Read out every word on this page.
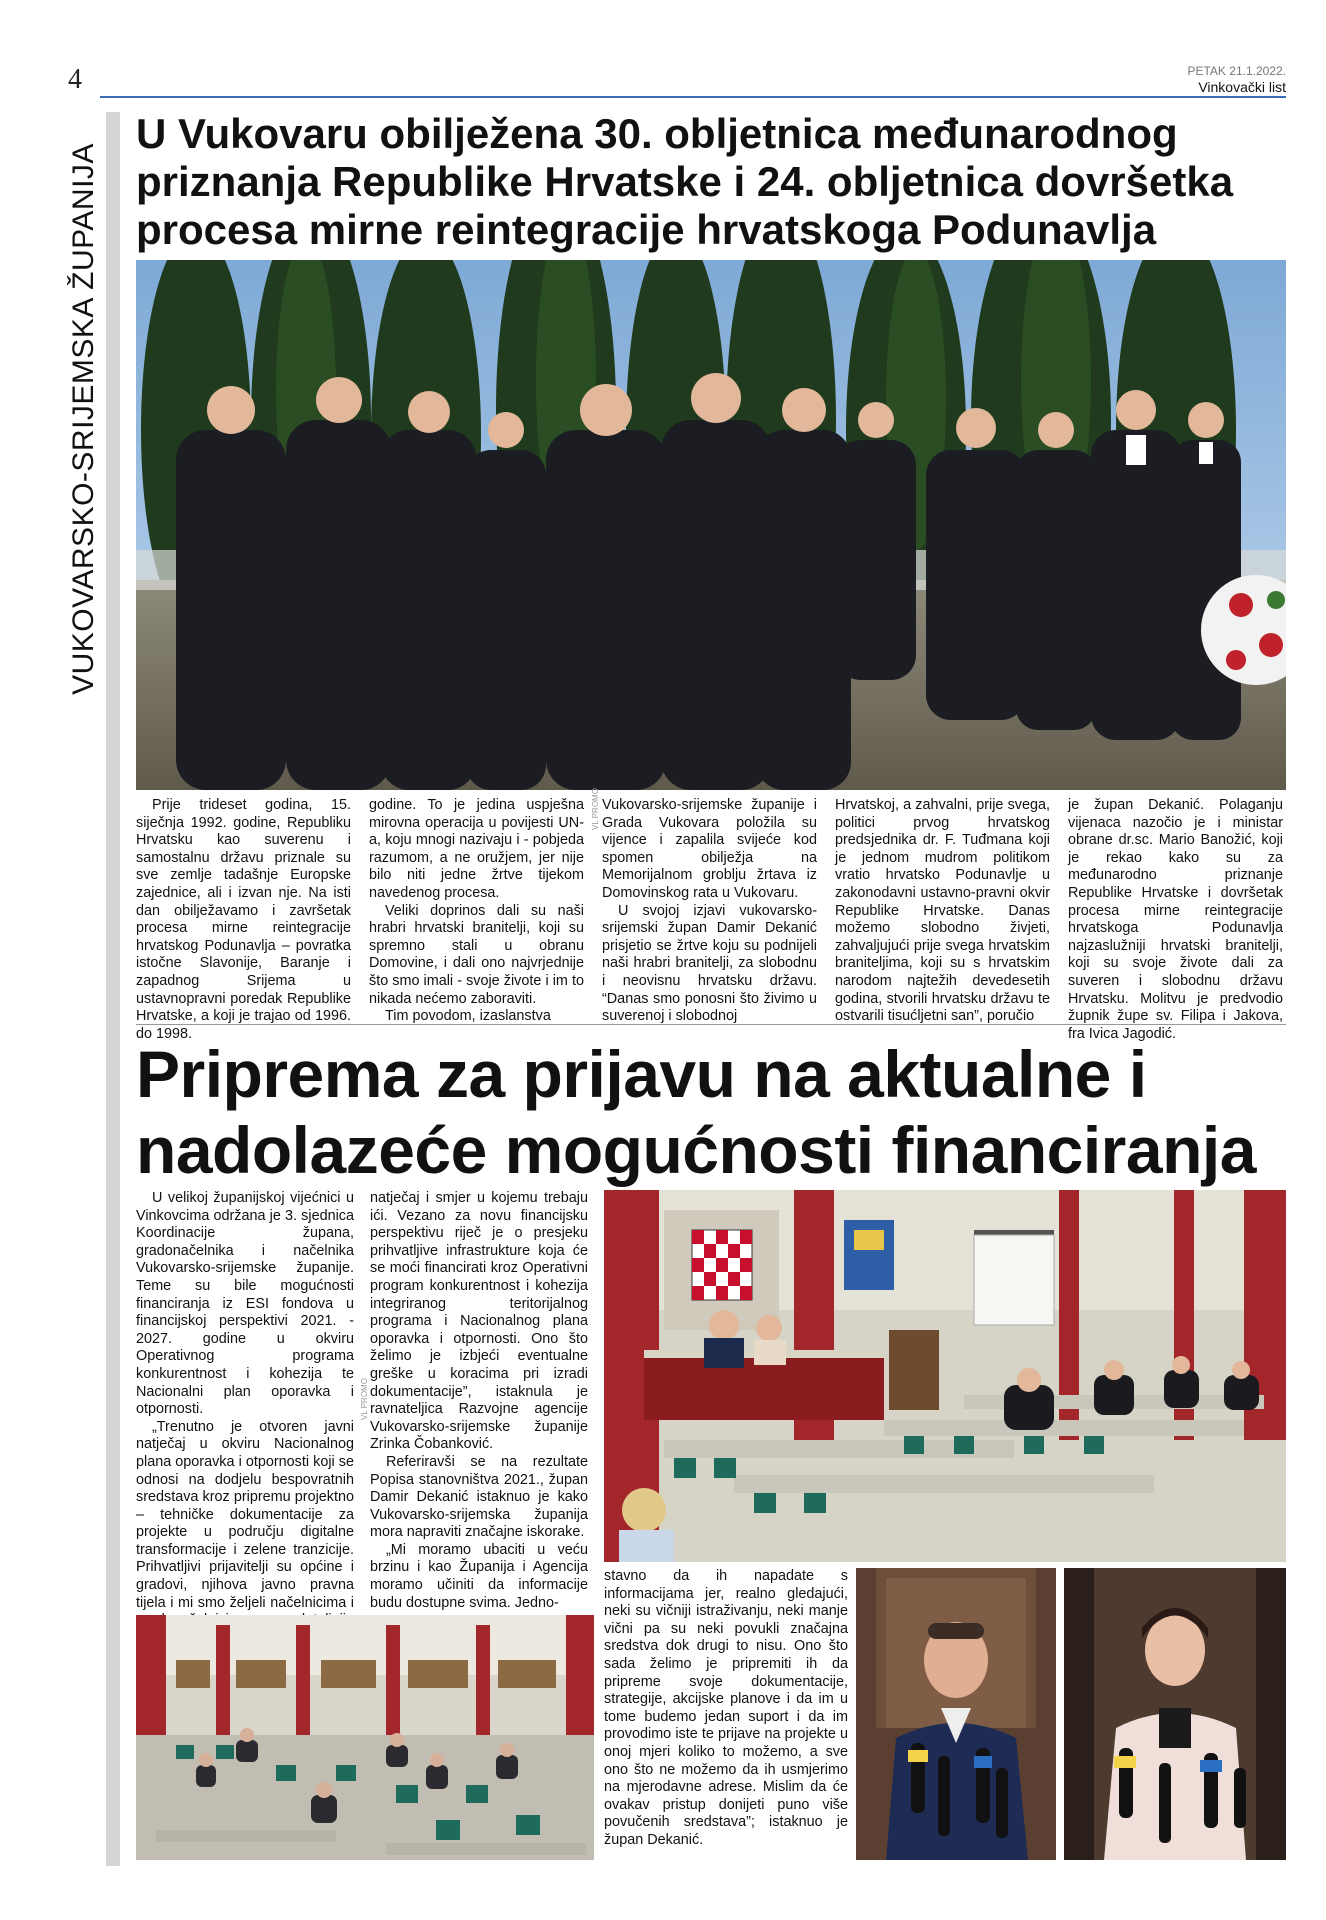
4	PETAK 21.1.2022.
Vinkovački list
VUKOVARSKO-SRIJEMSKA ŽUPANIJA
U Vukovaru obilježena 30. obljetnica međunarodnog priznanja Republike Hrvatske i 24. obljetnica dovršetka procesa mirne reintegracije hrvatskoga Podunavlja
VL PROMO

Prije trideset godina, 15. siječnja 1992. godine, Republiku Hrvatsku kao suverenu i samostalnu državu priznale su sve zemlje tadašnje Europske zajednice, ali i izvan nje. Na isti dan obilježavamo i završetak procesa mirne reintegracije hrvatskog Podunavlja – povratka istočne Slavonije, Baranje i zapadnog Srijema u ustavnopravni poredak Republike Hrvatske, a koji je trajao od 1996. do 1998.

godine. To je jedina uspješna mirovna operacija u povijesti UN-a, koju mnogi nazivaju i - pobjeda razumom, a ne oružjem, jer nije bilo niti jedne žrtve tijekom navedenog procesa.

Veliki doprinos dali su naši hrabri hrvatski branitelji, koji su spremno stali u obranu Domovine, i dali ono najvrjednije što smo imali - svoje živote i im to nikada nećemo zaboraviti.

Tim povodom, izaslanstva

Vukovarsko-srijemske županije i Grada Vukovara položila su vijence i zapalila svijeće kod spomen obilježja na Memorijalnom groblju žrtava iz Domovinskog rata u Vukovaru.

U svojoj izjavi vukovarsko-srijemski župan Damir Dekanić prisjetio se žrtve koju su podnijeli naši hrabri branitelji, za slobodnu i neovisnu hrvatsku državu. “Danas smo ponosni što živimo u suverenoj i slobodnoj

Hrvatskoj, a zahvalni, prije svega, politici prvog hrvatskog predsjednika dr. F. Tuđmana koji je jednom mudrom politikom vratio hrvatsko Podunavlje u zakonodavni ustavno-pravni okvir Republike Hrvatske. Danas možemo slobodno živjeti, zahvaljujući prije svega hrvatskim braniteljima, koji su s hrvatskim narodom najtežih devedesetih godina, stvorili hrvatsku državu te ostvarili tisućljetni san”, poručio

je župan Dekanić. Polaganju vijenaca nazočio je i ministar obrane dr.sc. Mario Banožić, koji je rekao kako su za međunarodno priznanje Republike Hrvatske i dovršetak procesa mirne reintegracije hrvatskoga Podunavlja najzaslužniji hrvatski branitelji, koji su svoje živote dali za suveren i slobodnu državu Hrvatsku. Molitvu je predvodio župnik župe sv. Filipa i Jakova, fra Ivica Jagodić.

Priprema za prijavu na aktualne i nadolazeće mogućnosti financiranja

U velikoj županijskoj vijećnici u Vinkovcima održana je 3. sjednica Koordinacije župana, gradonačelnika i načelnika Vukovarsko-srijemske županije. Teme su bile mogućnosti financiranja iz ESI fondova u financijskoj perspektivi 2021. - 2027. godine u okviru Operativnog programa konkurentnost i kohezija te Nacionalni plan oporavka i otpornosti.

„Trenutno je otvoren javni natječaj u okviru Nacionalnog plana oporavka i otpornosti koji se odnosi na dodjelu bespovratnih sredstava kroz pripremu projektno – tehničke dokumentacije za projekte u području digitalne transformacije i zelene tranzicije. Prihvatljivi prijavitelji su općine i gradovi, njihova javno pravna tijela i mi smo željeli načelnicima i

natječaj i smjer u kojemu trebaju ići. Vezano za novu financijsku perspektivu riječ je o presjeku prihvatljive infrastrukture koja će se moći financirati kroz Operativni program konkurentnost i kohezija integriranog teritorijalnog programa i Nacionalnog plana oporavka i otpornosti. Ono što želimo je izbjeći eventualne greške u koracima pri izradi dokumentacije”, istaknula je ravnateljica Razvojne agencije Vukovarsko-srijemske županije Zrinka Čobanković.

Referiravši se na rezultate Popisa stanovništva 2021., župan Damir Dekanić istaknuo je kako Vukovarsko-srijemska županija mora napraviti značajne iskorake.

„Mi moramo ubaciti u veću brzinu i kao Županija i Agencija moramo učiniti da informacije budu dostupne svima. Jedno-

VL PROMO

stavno da ih napadate s informacijama jer, realno gledajući, neki su vičniji istraživanju, neki manje vični pa su neki povukli značajna sredstva dok drugi to nisu. Ono što sada želimo je pripremiti ih da pripreme svoje dokumentacije, strategije, akcijske planove i da im u tome budemo jedan suport i da im provodimo iste te prijave na projekte u onoj mjeri koliko to možemo, a sve ono što ne možemo da ih usmjerimo na mjerodavne adrese. Mislim da će ovakav pristup donijeti puno više povučenih sredstava”; istaknuo je župan Dekanić.
